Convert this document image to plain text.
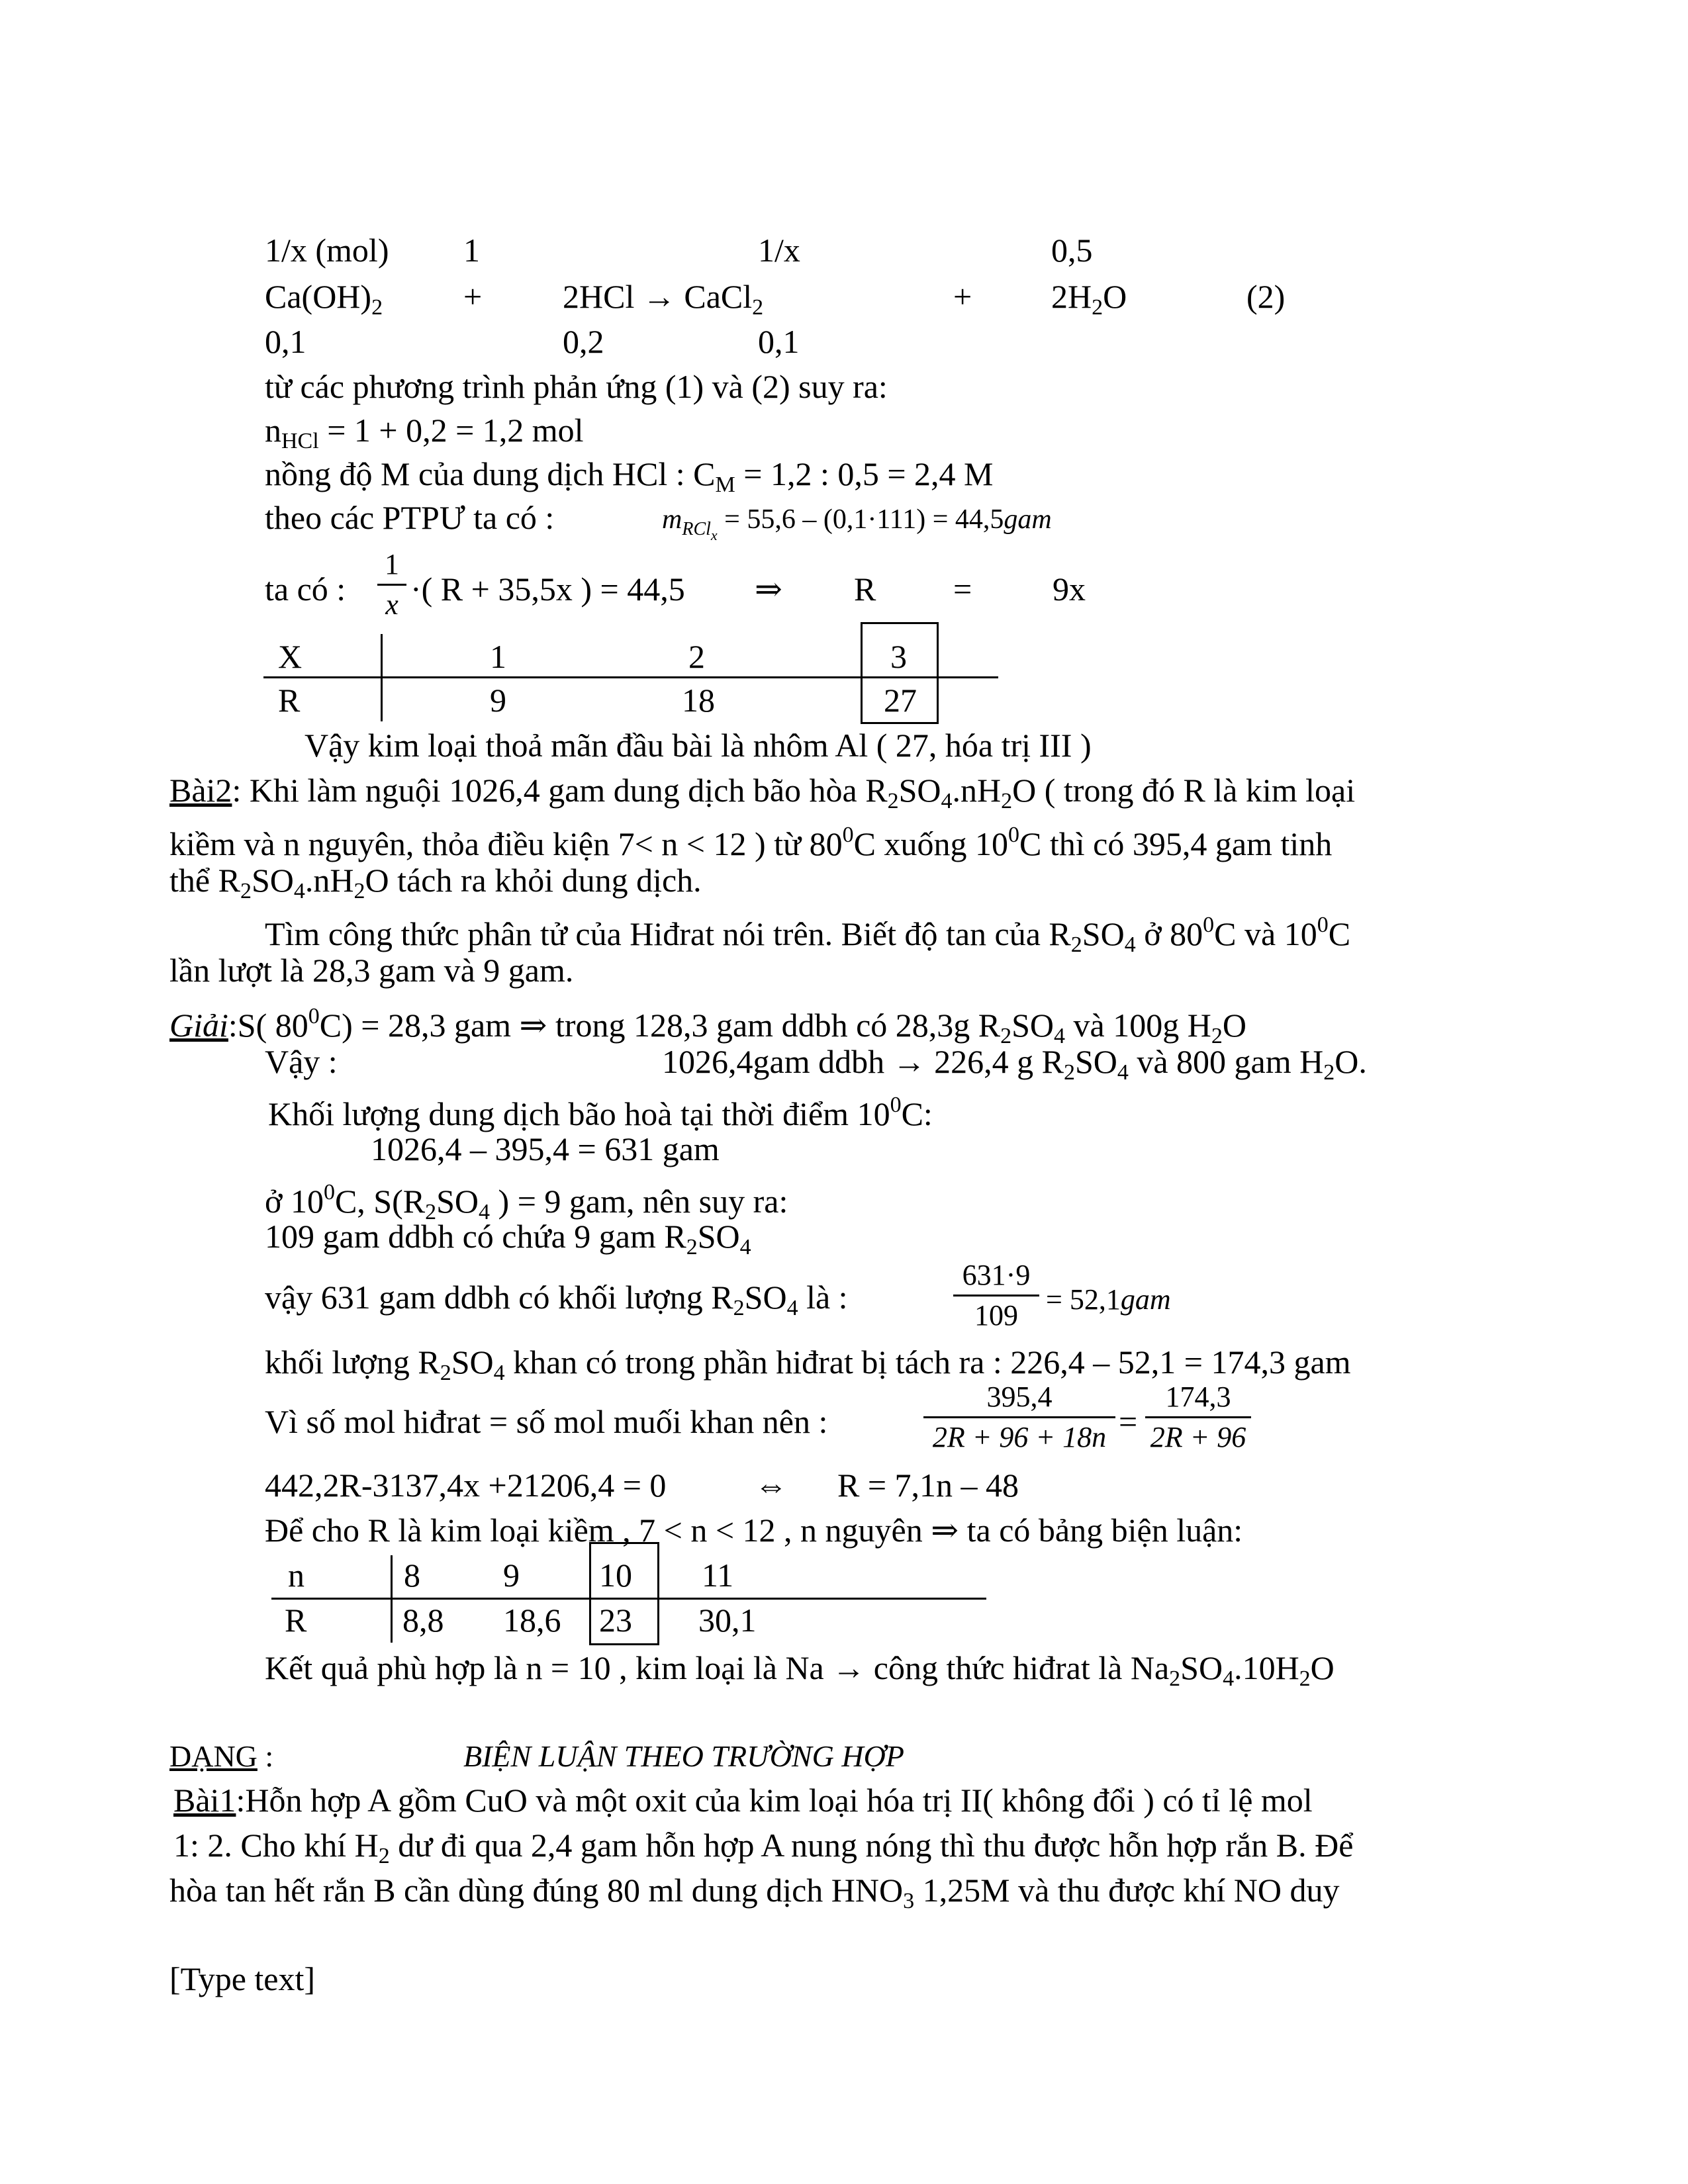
1/x (mol) 1	1/x	0,5
$Ca(OH)_2 + 2HCl$ → CaCl$_2$	+ $2H_2O$	(2)
0,1	0,2	0,1
từ các phương trình phản ứng (1) và (2) suy ra:
$n_{HCl} = 1 + 0,2 = 1,2$ mol
nồng độ M của dung dịch HCl : $C_M = 1,2$ : 0,5 = 2,4 M
theo các PTPƯ ta có :	$m_{RClx} = 55,6 - (0,1\cdot 111) = 44,5gam$
ta có :
1
x ·( R + 35,5x ) = 44,5 ⇒ R = 9x
X	1	2	3
R	9	18	27
Vậy kim loại thoả mãn đầu bài là nhôm Al ( 27, hóa trị III )
Bài2: Khi làm nguội 1026,4 gam dung dịch bão hòa $R_2SO_4.nH_2O$ ( trong đó R là kim loại
kiềm và n nguyên, thỏa điều kiện 7< n < 12 ) từ $80^0C$ xuống $10^0C$ thì có 395,4 gam tinh
thể $R_2SO_4.nH_2O$ tách ra khỏi dung dịch.
Tìm công thức phân tử của Hiđrat nói trên. Biết độ tan của $R_2SO_4$ ở $80^0C$ và $10^0C$
lần lượt là 28,3 gam và 9 gam.
Giải:S( $80^0C) = 28,3$ gam ⇒ trong 128,3 gam ddbh có 28,3g $R_2SO_4$ và 100g $H_2O$
Vậy :	1026,4gam ddbh → 226,4 g $R_2SO_4$ và 800 gam $H_2O$.
Khối lượng dung dịch bão hoà tại thời điểm $10^0C$:
1026,4 – 395,4 = 631 gam
ở $10^0C$, $S(R_2SO_4$ ) = 9 gam, nên suy ra:
109 gam ddbh có chứa 9 gam $R_2SO_4$
vậy 631 gam ddbh có khối lượng $R_2SO_4$ là :
631·9
109 = 52,1gam
khối lượng $R_2SO_4$ khan có trong phần hiđrat bị tách ra : 226,4 – 52,1 = 174,3 gam
Vì số mol hiđrat = số mol muối khan nên :
395,4
2R + 96 + 18n =
174,3
2R + 96
442,2R-3137,4x +21206,4 = 0	⇔ R = 7,1n – 48
Để cho R là kim loại kiềm , 7 < n < 12 , n nguyên ⇒ ta có bảng biện luận:
n	8	9 10 11
R	8,8 18,6 23 30,1
Kết quả phù hợp là n = 10 , kim loại là Na → công thức hiđrat là $Na_2SO_4.10H_2O$
DẠNG :	BIỆN LUẬN THEO TRƯỜNG HỢP
Bài1:Hỗn hợp A gồm CuO và một oxit của kim loại hóa trị II( không đổi ) có tỉ lệ mol
1: 2. Cho khí $H_2$ dư đi qua 2,4 gam hỗn hợp A nung nóng thì thu được hỗn hợp rắn B. Để
hòa tan hết rắn B cần dùng đúng 80 ml dung dịch $HNO_3$ 1,25M và thu được khí NO duy
[Type text]
